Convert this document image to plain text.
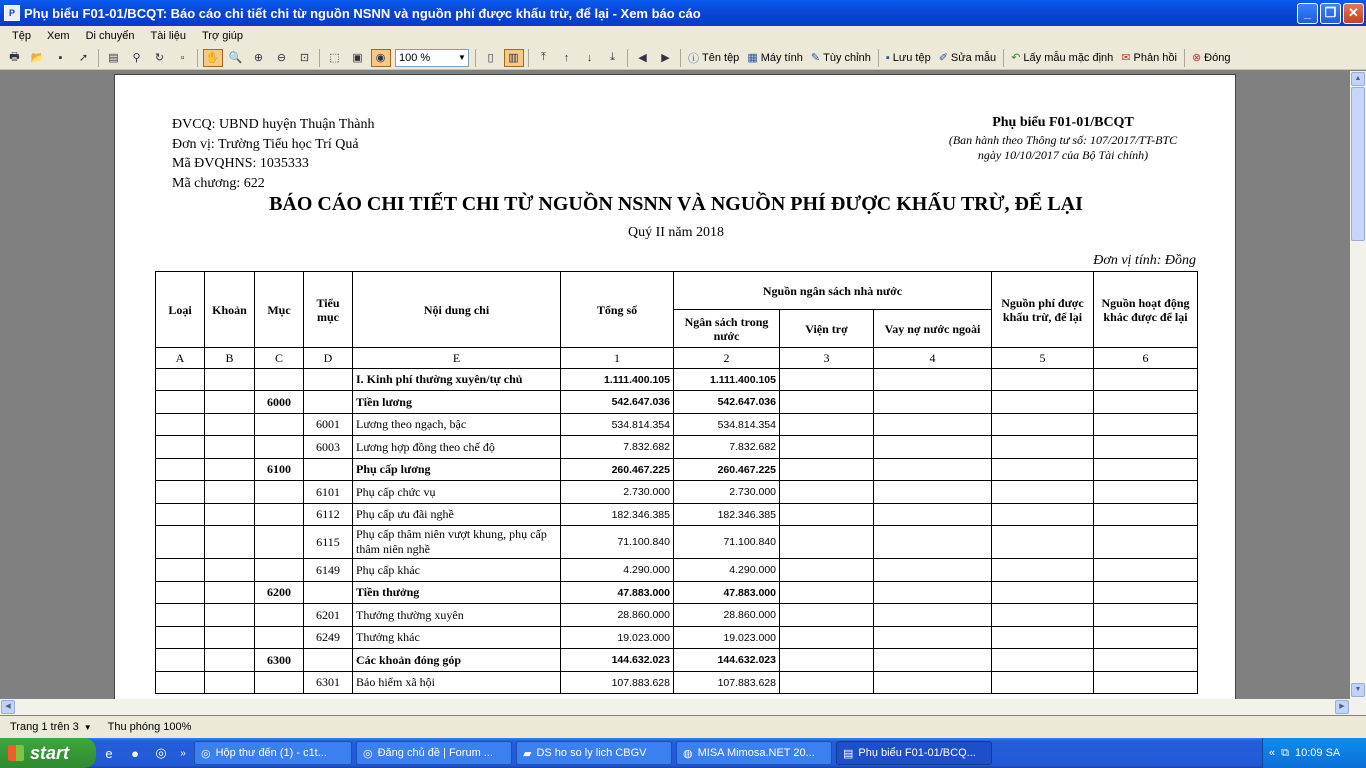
P Phụ biểu F01-01/BCQT: Báo cáo chi tiết chi từ nguồn NSNN và nguồn phí được khấu trừ, để lại - Xem báo cáo	_	❐ ✕
Tệp	Xem	Di chuyển	Tài liệu	Trợ giúp
🖶 📂 ▪ ➚ ▤ ⚲ ↻ ▫ ✋ 🔍 ⊕ ⊖ ⊡ ⬚ ▣ ◉	100 %	▼ ▯ ▥ ⤒ ↑ ↓ ⤓ ◀ ▶ ⓘ Tên tệp ▦ Máy tính ✎ Tùy chỉnh ▪ Lưu tệp ✐ Sửa mẫu ↶ Lấy mẫu mặc định ✉ Phản hồi ⊗ Đóng
ĐVCQ: UBND huyện Thuận Thành
Đơn vị: Trường Tiểu học Trí Quả
Mã ĐVQHNS: 1035333
Mã chương: 622
Phụ biểu F01-01/BCQT
(Ban hành theo Thông tư số: 107/2017/TT-BTC
ngày 10/10/2017 của Bộ Tài chính)
BÁO CÁO CHI TIẾT CHI TỪ NGUỒN NSNN VÀ NGUỒN PHÍ ĐƯỢC KHẤU TRỪ, ĐỂ LẠI
Quý II năm 2018
Đơn vị tính: Đồng
Loại	Khoản	Mục	Tiểu mục	Nội dung chi	Tổng số	Nguồn ngân sách nhà nước			Nguồn phí được khấu trừ, để lại	Nguồn hoạt động khác được để lại
						Ngân sách trong nước	Viện trợ	Vay nợ nước ngoài		
A	B	C	D	E	1	2	3	4	5	6
				I. Kinh phí thường xuyên/tự chủ	1.111.400.105	1.111.400.105				
		6000		Tiền lương	542.647.036	542.647.036				
			6001	Lương theo ngạch, bậc	534.814.354	534.814.354				
			6003	Lương hợp đồng theo chế độ	7.832.682	7.832.682				
		6100		Phụ cấp lương	260.467.225	260.467.225				
			6101	Phụ cấp chức vụ	2.730.000	2.730.000				
			6112	Phụ cấp ưu đãi nghề	182.346.385	182.346.385				
			6115	Phụ cấp thâm niên vượt khung, phụ cấp thâm niên nghề	71.100.840	71.100.840				
			6149	Phụ cấp khác	4.290.000	4.290.000				
		6200		Tiền thưởng	47.883.000	47.883.000				
			6201	Thưởng thường xuyên	28.860.000	28.860.000				
			6249	Thưởng khác	19.023.000	19.023.000				
		6300		Các khoản đóng góp	144.632.023	144.632.023				
			6301	Bảo hiểm xã hội	107.883.628	107.883.628				
▲
▼
◀	▶
Trang 1 trên 3 ▼ Thu phóng 100%
start	e	●	◎	»	◎ Hộp thư đến (1) - c1t...	◎ Đăng chủ đề | Forum ...	▰ DS ho so ly lich CBGV	◍ MISA Mimosa.NET 20...	▤ Phụ biểu F01-01/BCQ...	« ⧉ 10:09 SA
